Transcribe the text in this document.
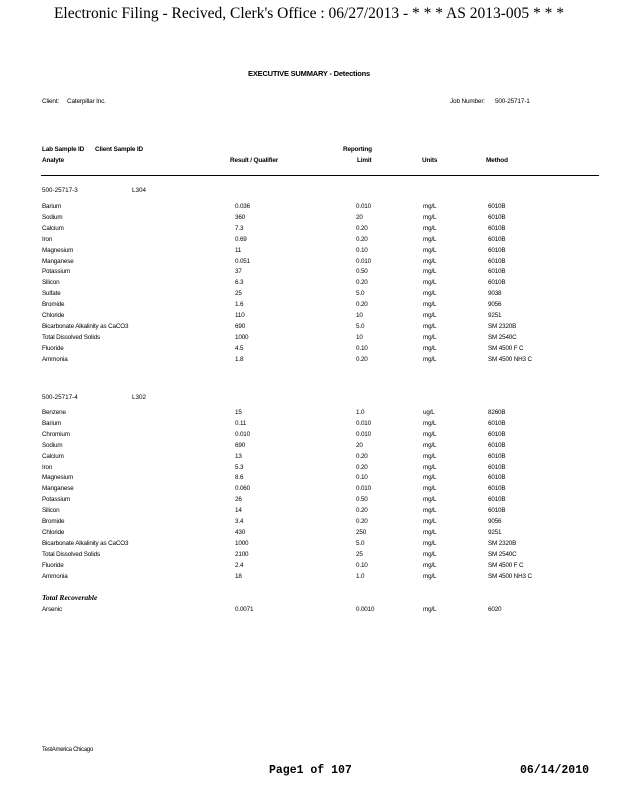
Electronic Filing - Recived, Clerk's Office : 06/27/2013 - * * * AS 2013-005 * * *
EXECUTIVE SUMMARY - Detections
Client: Caterpillar Inc.	Job Number: 500-25717-1
Lab Sample ID Client Sample ID
Analyte	Result / Qualifier
Reporting
Limit	Units	Method
500-25717-3	L304
Barium	0.036	0.010	mg/L	6010B
Sodium	360	20	mg/L	6010B
Calcium	7.3	0.20	mg/L	6010B
Iron	0.69	0.20	mg/L	6010B
Magnesium	11	0.10	mg/L	6010B
Manganese	0.051	0.010	mg/L	6010B
Potassium	37	0.50	mg/L	6010B
Silicon	6.3	0.20	mg/L	6010B
Sulfate	25	5.0	mg/L	9038
Bromide	1.6	0.20	mg/L	9056
Chloride	110	10	mg/L	9251
Bicarbonate Alkalinity as CaCO3	690	5.0	mg/L	SM 2320B
Total Dissolved Solids	1000	10	mg/L	SM 2540C
Fluoride	4.5	0.10	mg/L	SM 4500 F C
Ammonia	1.8	0.20	mg/L	SM 4500 NH3 C
500-25717-4	L302
Benzene	15	1.0	ug/L	8260B
Barium	0.11	0.010	mg/L	6010B
Chromium	0.010	0.010	mg/L	6010B
Sodium	690	20	mg/L	6010B
Calcium	13	0.20	mg/L	6010B
Iron	5.3	0.20	mg/L	6010B
Magnesium	8.6	0.10	mg/L	6010B
Manganese	0.060	0.010	mg/L	6010B
Potassium	26	0.50	mg/L	6010B
Silicon	14	0.20	mg/L	6010B
Bromide	3.4	0.20	mg/L	9056
Chloride	430	250	mg/L	9251
Bicarbonate Alkalinity as CaCO3	1000	5.0	mg/L	SM 2320B
Total Dissolved Solids	2100	25	mg/L	SM 2540C
Fluoride	2.4	0.10	mg/L	SM 4500 F C
Ammonia	18	1.0	mg/L	SM 4500 NH3 C
Total Recoverable
Arsenic	0.0071	0.0010	mg/L	6020
TestAmerica Chicago
Page1 of 107	06/14/2010
